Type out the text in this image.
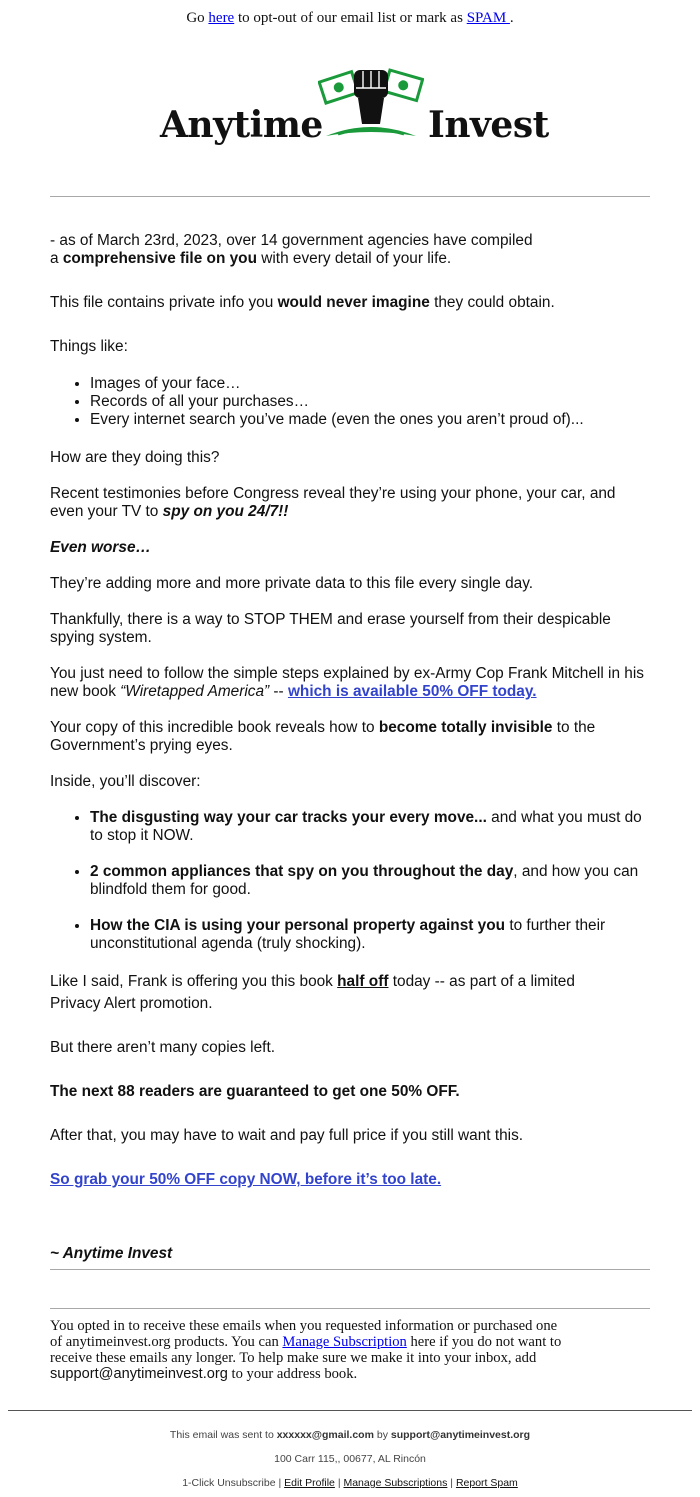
Go here to opt-out of our email list or mark as SPAM .
Anytime	Invest

- as of March 23rd, 2023, over 14 government agencies have compiled
a comprehensive file on you with every detail of your life.

This file contains private info you would never imagine they could obtain.

Things like:

• Images of your face…
• Records of all your purchases…
• Every internet search you’ve made (even the ones you aren’t proud of)...

How are they doing this?

Recent testimonies before Congress reveal they’re using your phone, your car, and even your TV to spy on you 24/7!!

Even worse…

They’re adding more and more private data to this file every single day.

Thankfully, there is a way to STOP THEM and erase yourself from their despicable spying system.

You just need to follow the simple steps explained by ex-Army Cop Frank Mitchell in his new book “Wiretapped America” -- which is available 50% OFF today.

Your copy of this incredible book reveals how to become totally invisible to the Government’s prying eyes.

Inside, you’ll discover:

• The disgusting way your car tracks your every move... and what you must do to stop it NOW.
• 2 common appliances that spy on you throughout the day, and how you can blindfold them for good.
• How the CIA is using your personal property against you to further their unconstitutional agenda (truly shocking).

Like I said, Frank is offering you this book half off today -- as part of a limited
Privacy Alert promotion.

But there aren’t many copies left.

The next 88 readers are guaranteed to get one 50% OFF.

After that, you may have to wait and pay full price if you still want this.

So grab your 50% OFF copy NOW, before it’s too late.

~ Anytime Invest

You opted in to receive these emails when you requested information or purchased one
of anytimeinvest.org products. You can Manage Subscription here if you do not want to
receive these emails any longer. To help make sure we make it into your inbox, add
support@anytimeinvest.org to your address book.
This email was sent to xxxxxx@gmail.com by support@anytimeinvest.org
100 Carr 115,, 00677, AL Rincón
1-Click Unsubscribe | Edit Profile | Manage Subscriptions | Report Spam
